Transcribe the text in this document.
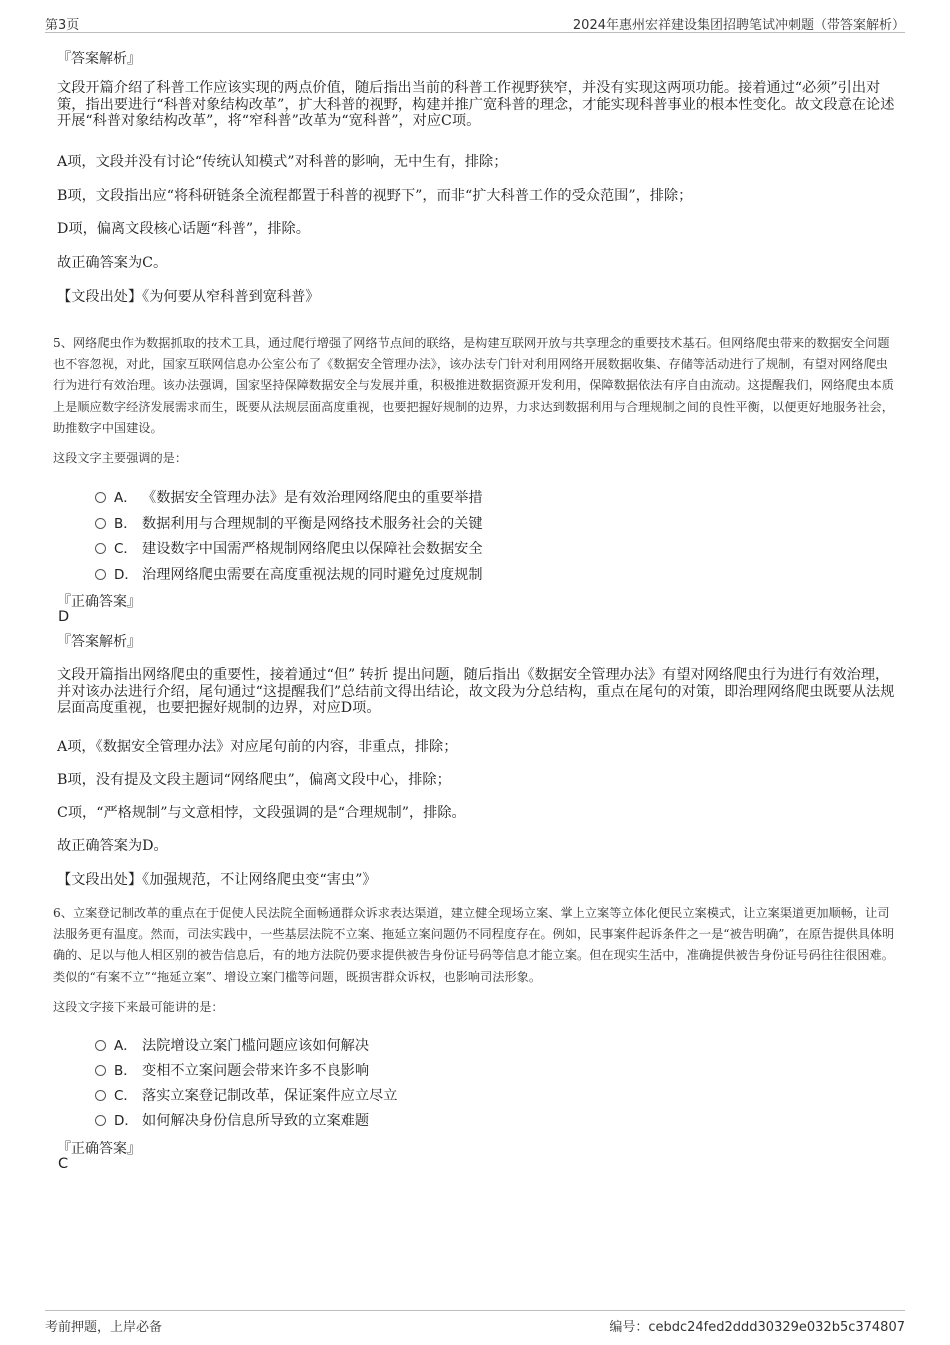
第3页	2024年惠州宏祥建设集团招聘笔试冲刺题（带答案解析）
『答案解析』
文段开篇介绍了科普工作应该实现的两点价值，随后指出当前的科普工作视野狭窄，并没有实现这两项功能。接着通过“必须”引出对策，指出要进行“科普对象结构改革”，扩大科普的视野，构建并推广宽科普的理念，才能实现科普事业的根本性变化。故文段意在论述开展“科普对象结构改革”，将“窄科普”改革为“宽科普”，对应C项。
A项，文段并没有讨论“传统认知模式”对科普的影响，无中生有，排除；
B项，文段指出应“将科研链条全流程都置于科普的视野下”，而非“扩大科普工作的受众范围”，排除；
D项，偏离文段核心话题“科普”，排除。
故正确答案为C。
【文段出处】《为何要从窄科普到宽科普》
5、网络爬虫作为数据抓取的技术工具，通过爬行增强了网络节点间的联络，是构建互联网开放与共享理念的重要技术基石。但网络爬虫带来的数据安全问题也不容忽视，对此，国家互联网信息办公室公布了《数据安全管理办法》，该办法专门针对利用网络开展数据收集、存储等活动进行了规制，有望对网络爬虫行为进行有效治理。该办法强调，国家坚持保障数据安全与发展并重，积极推进数据资源开发利用，保障数据依法有序自由流动。这提醒我们，网络爬虫本质上是顺应数字经济发展需求而生，既要从法规层面高度重视，也要把握好规制的边界，力求达到数据利用与合理规制之间的良性平衡，以便更好地服务社会，助推数字中国建设。
这段文字主要强调的是：
A． 《数据安全管理办法》是有效治理网络爬虫的重要举措
B． 数据利用与合理规制的平衡是网络技术服务社会的关键
C． 建设数字中国需严格规制网络爬虫以保障社会数据安全
D． 治理网络爬虫需要在高度重视法规的同时避免过度规制
『正确答案』
D
『答案解析』
文段开篇指出网络爬虫的重要性，接着通过“但” 转折 提出问题，随后指出《数据安全管理办法》有望对网络爬虫行为进行有效治理，并对该办法进行介绍，尾句通过“这提醒我们”总结前文得出结论，故文段为分总结构，重点在尾句的对策，即治理网络爬虫既要从法规层面高度重视，也要把握好规制的边界，对应D项。
A项，《数据安全管理办法》对应尾句前的内容，非重点，排除；
B项，没有提及文段主题词“网络爬虫”，偏离文段中心，排除；
C项，“严格规制”与文意相悖，文段强调的是“合理规制”，排除。
故正确答案为D。
【文段出处】《加强规范，不让网络爬虫变“害虫”》
6、立案登记制改革的重点在于促使人民法院全面畅通群众诉求表达渠道，建立健全现场立案、掌上立案等立体化便民立案模式，让立案渠道更加顺畅，让司法服务更有温度。然而，司法实践中，一些基层法院不立案、拖延立案问题仍不同程度存在。例如，民事案件起诉条件之一是“被告明确”，在原告提供具体明确的、足以与他人相区别的被告信息后，有的地方法院仍要求提供被告身份证号码等信息才能立案。但在现实生活中，准确提供被告身份证号码往往很困难。类似的“有案不立”“拖延立案”、增设立案门槛等问题，既损害群众诉权，也影响司法形象。
这段文字接下来最可能讲的是：
A． 法院增设立案门槛问题应该如何解决
B． 变相不立案问题会带来许多不良影响
C． 落实立案登记制改革，保证案件应立尽立
D． 如何解决身份信息所导致的立案难题
『正确答案』
C
考前押题，上岸必备	编号：cebdc24fed2ddd30329e032b5c374807
